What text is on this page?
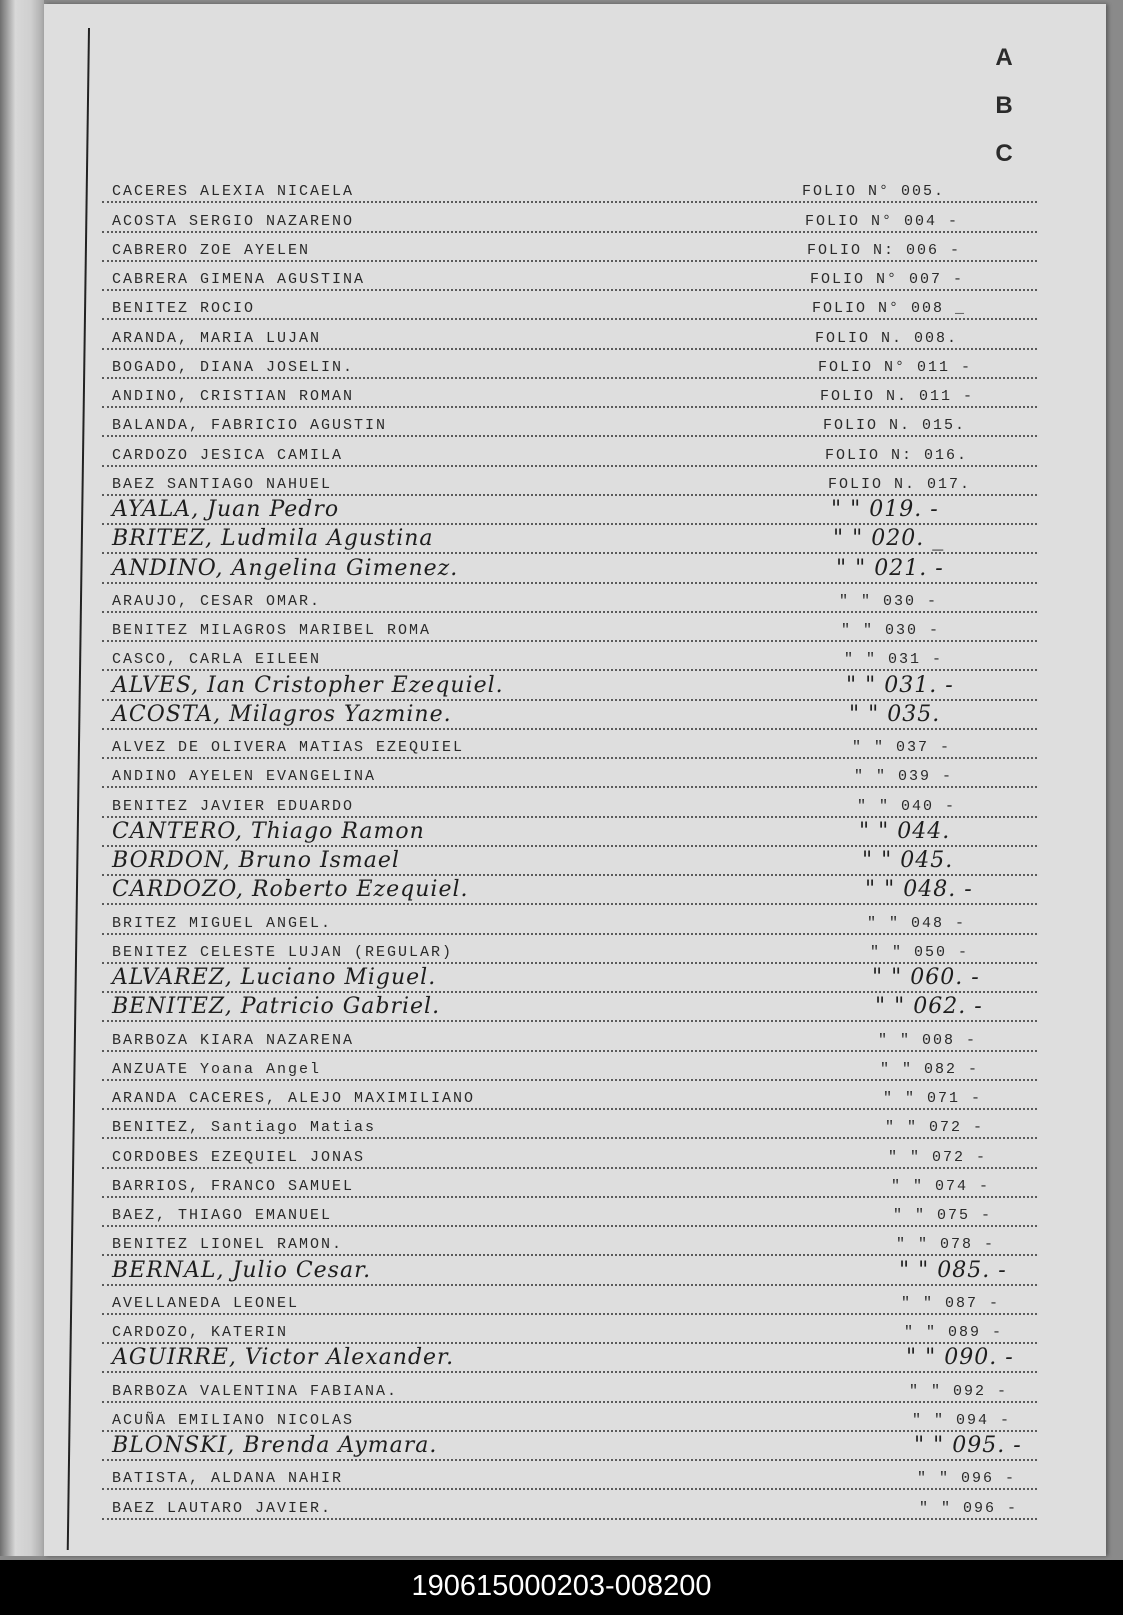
A
B
C
CACERES ALEXIA NICAELA	FOLIO N° 005.
ACOSTA SERGIO NAZARENO	FOLIO N° 004 -
CABRERO ZOE AYELEN	FOLIO N: 006 -
CABRERA GIMENA AGUSTINA	FOLIO N° 007 -
BENITEZ ROCIO	FOLIO N° 008 _
ARANDA, MARIA LUJAN	FOLIO N. 008.
BOGADO, DIANA JOSELIN.	FOLIO N° 011 -
ANDINO, CRISTIAN ROMAN	FOLIO N. 011 -
BALANDA, FABRICIO AGUSTIN	FOLIO N. 015.
CARDOZO JESICA CAMILA	FOLIO N: 016.
BAEZ SANTIAGO NAHUEL	FOLIO N. 017.
AYALA, Juan Pedro	" " 019. -
BRITEZ, Ludmila Agustina	" " 020. _
ANDINO, Angelina Gimenez.	" " 021. -
ARAUJO, CESAR OMAR.	" " 030 -
BENITEZ MILAGROS MARIBEL ROMA	" " 030 -
CASCO, CARLA EILEEN	" " 031 -
ALVES, Ian Cristopher Ezequiel.	" " 031. -
ACOSTA, Milagros Yazmine.	" " 035.
ALVEZ DE OLIVERA MATIAS EZEQUIEL	" " 037 -
ANDINO AYELEN EVANGELINA	" " 039 -
BENITEZ JAVIER EDUARDO	" " 040 -
CANTERO, Thiago Ramon	" " 044.
BORDON, Bruno Ismael	" " 045.
CARDOZO, Roberto Ezequiel.	" " 048. -
BRITEZ MIGUEL ANGEL.	" " 048 -
BENITEZ CELESTE LUJAN (REGULAR)	" " 050 -
ALVAREZ, Luciano Miguel.	" " 060. -
BENITEZ, Patricio Gabriel.	" " 062. -
BARBOZA KIARA NAZARENA	" " 008 -
ANZUATE Yoana Angel	" " 082 -
ARANDA CACERES, ALEJO MAXIMILIANO	" " 071 -
BENITEZ, Santiago Matias	" " 072 -
CORDOBES EZEQUIEL JONAS	" " 072 -
BARRIOS, FRANCO SAMUEL	" " 074 -
BAEZ, THIAGO EMANUEL	" " 075 -
BENITEZ LIONEL RAMON.	" " 078 -
BERNAL, Julio Cesar.	" " 085. -
AVELLANEDA LEONEL	" " 087 -
CARDOZO, KATERIN	" " 089 -
AGUIRRE, Victor Alexander.	" " 090. -
BARBOZA VALENTINA FABIANA.	" " 092 -
ACUÑA EMILIANO NICOLAS	" " 094 -
BLONSKI, Brenda Aymara.	" " 095. -
BATISTA, ALDANA NAHIR	" " 096 -
BAEZ LAUTARO JAVIER.	" " 096 -
190615000203-008200
